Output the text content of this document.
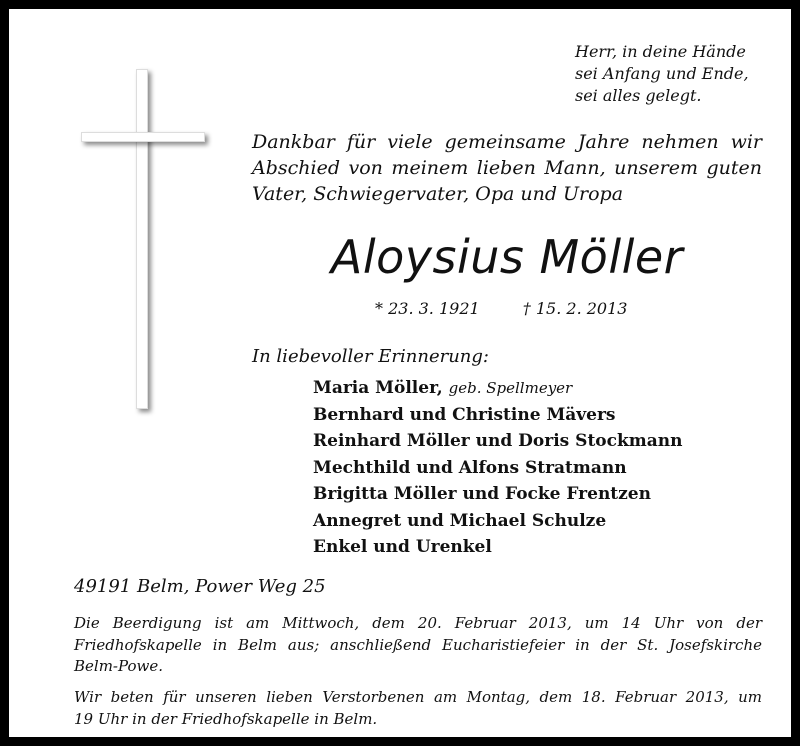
Herr, in deine Hände
sei Anfang und Ende,
sei alles gelegt.
Dankbar für viele gemeinsame Jahre nehmen wir
Abschied von meinem lieben Mann, unserem guten
Vater, Schwiegervater, Opa und Uropa
Aloysius Möller
* 23. 3. 1921	† 15. 2. 2013
In liebevoller Erinnerung:
Maria Möller, geb. Spellmeyer
Bernhard und Christine Mävers
Reinhard Möller und Doris Stockmann
Mechthild und Alfons Stratmann
Brigitta Möller und Focke Frentzen
Annegret und Michael Schulze
Enkel und Urenkel
49191 Belm, Power Weg 25
Die Beerdigung ist am Mittwoch, dem 20. Februar 2013, um 14 Uhr von der
Friedhofskapelle in Belm aus; anschließend Eucharistiefeier in der St. Josefskirche
Belm-Powe.
Wir beten für unseren lieben Verstorbenen am Montag, dem 18. Februar 2013, um
19 Uhr in der Friedhofskapelle in Belm.
